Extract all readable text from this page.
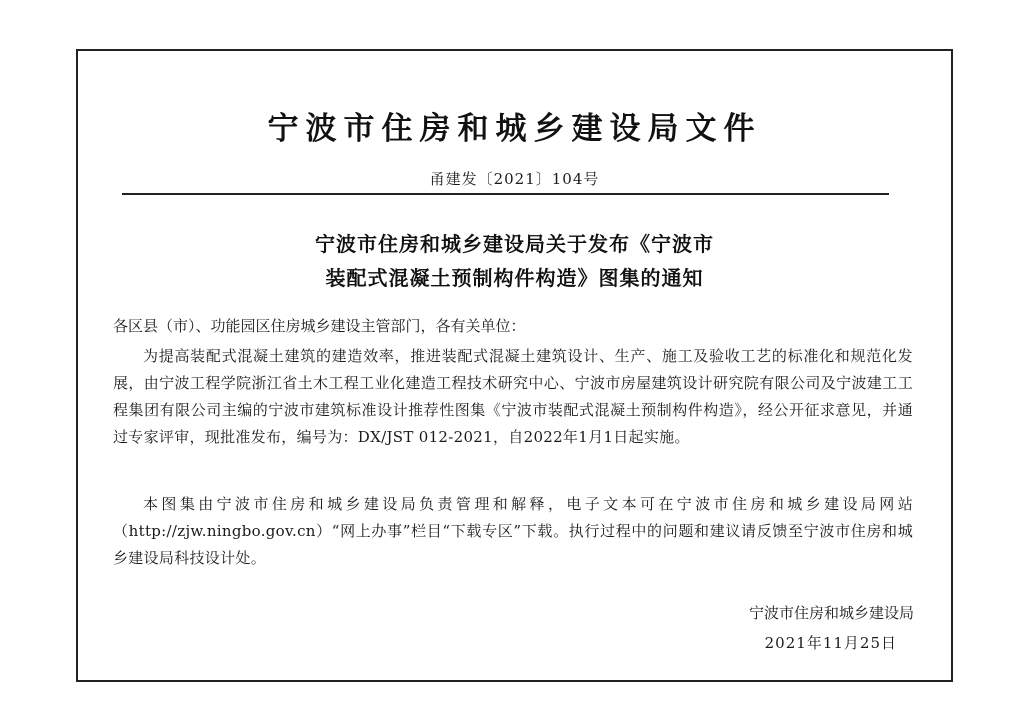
宁波市住房和城乡建设局文件
甬建发〔2021〕104号
宁波市住房和城乡建设局关于发布《宁波市
装配式混凝土预制构件构造》图集的通知
各区县（市）、功能园区住房城乡建设主管部门，各有关单位：
为提高装配式混凝土建筑的建造效率，推进装配式混凝土建筑设计、生产、施工及验收工艺的标准化和规范化发展，由宁波工程学院浙江省土木工程工业化建造工程技术研究中心、宁波市房屋建筑设计研究院有限公司及宁波建工工程集团有限公司主编的宁波市建筑标准设计推荐性图集《宁波市装配式混凝土预制构件构造》，经公开征求意见，并通过专家评审，现批准发布，编号为：DX/JST 012-2021，自2022年1月1日起实施。
本图集由宁波市住房和城乡建设局负责管理和解释，电子文本可在宁波市住房和城乡建设局网站（http://zjw.ningbo.gov.cn）“网上办事”栏目“下载专区”下载。执行过程中的问题和建议请反馈至宁波市住房和城乡建设局科技设计处。
宁波市住房和城乡建设局
2021年11月25日
